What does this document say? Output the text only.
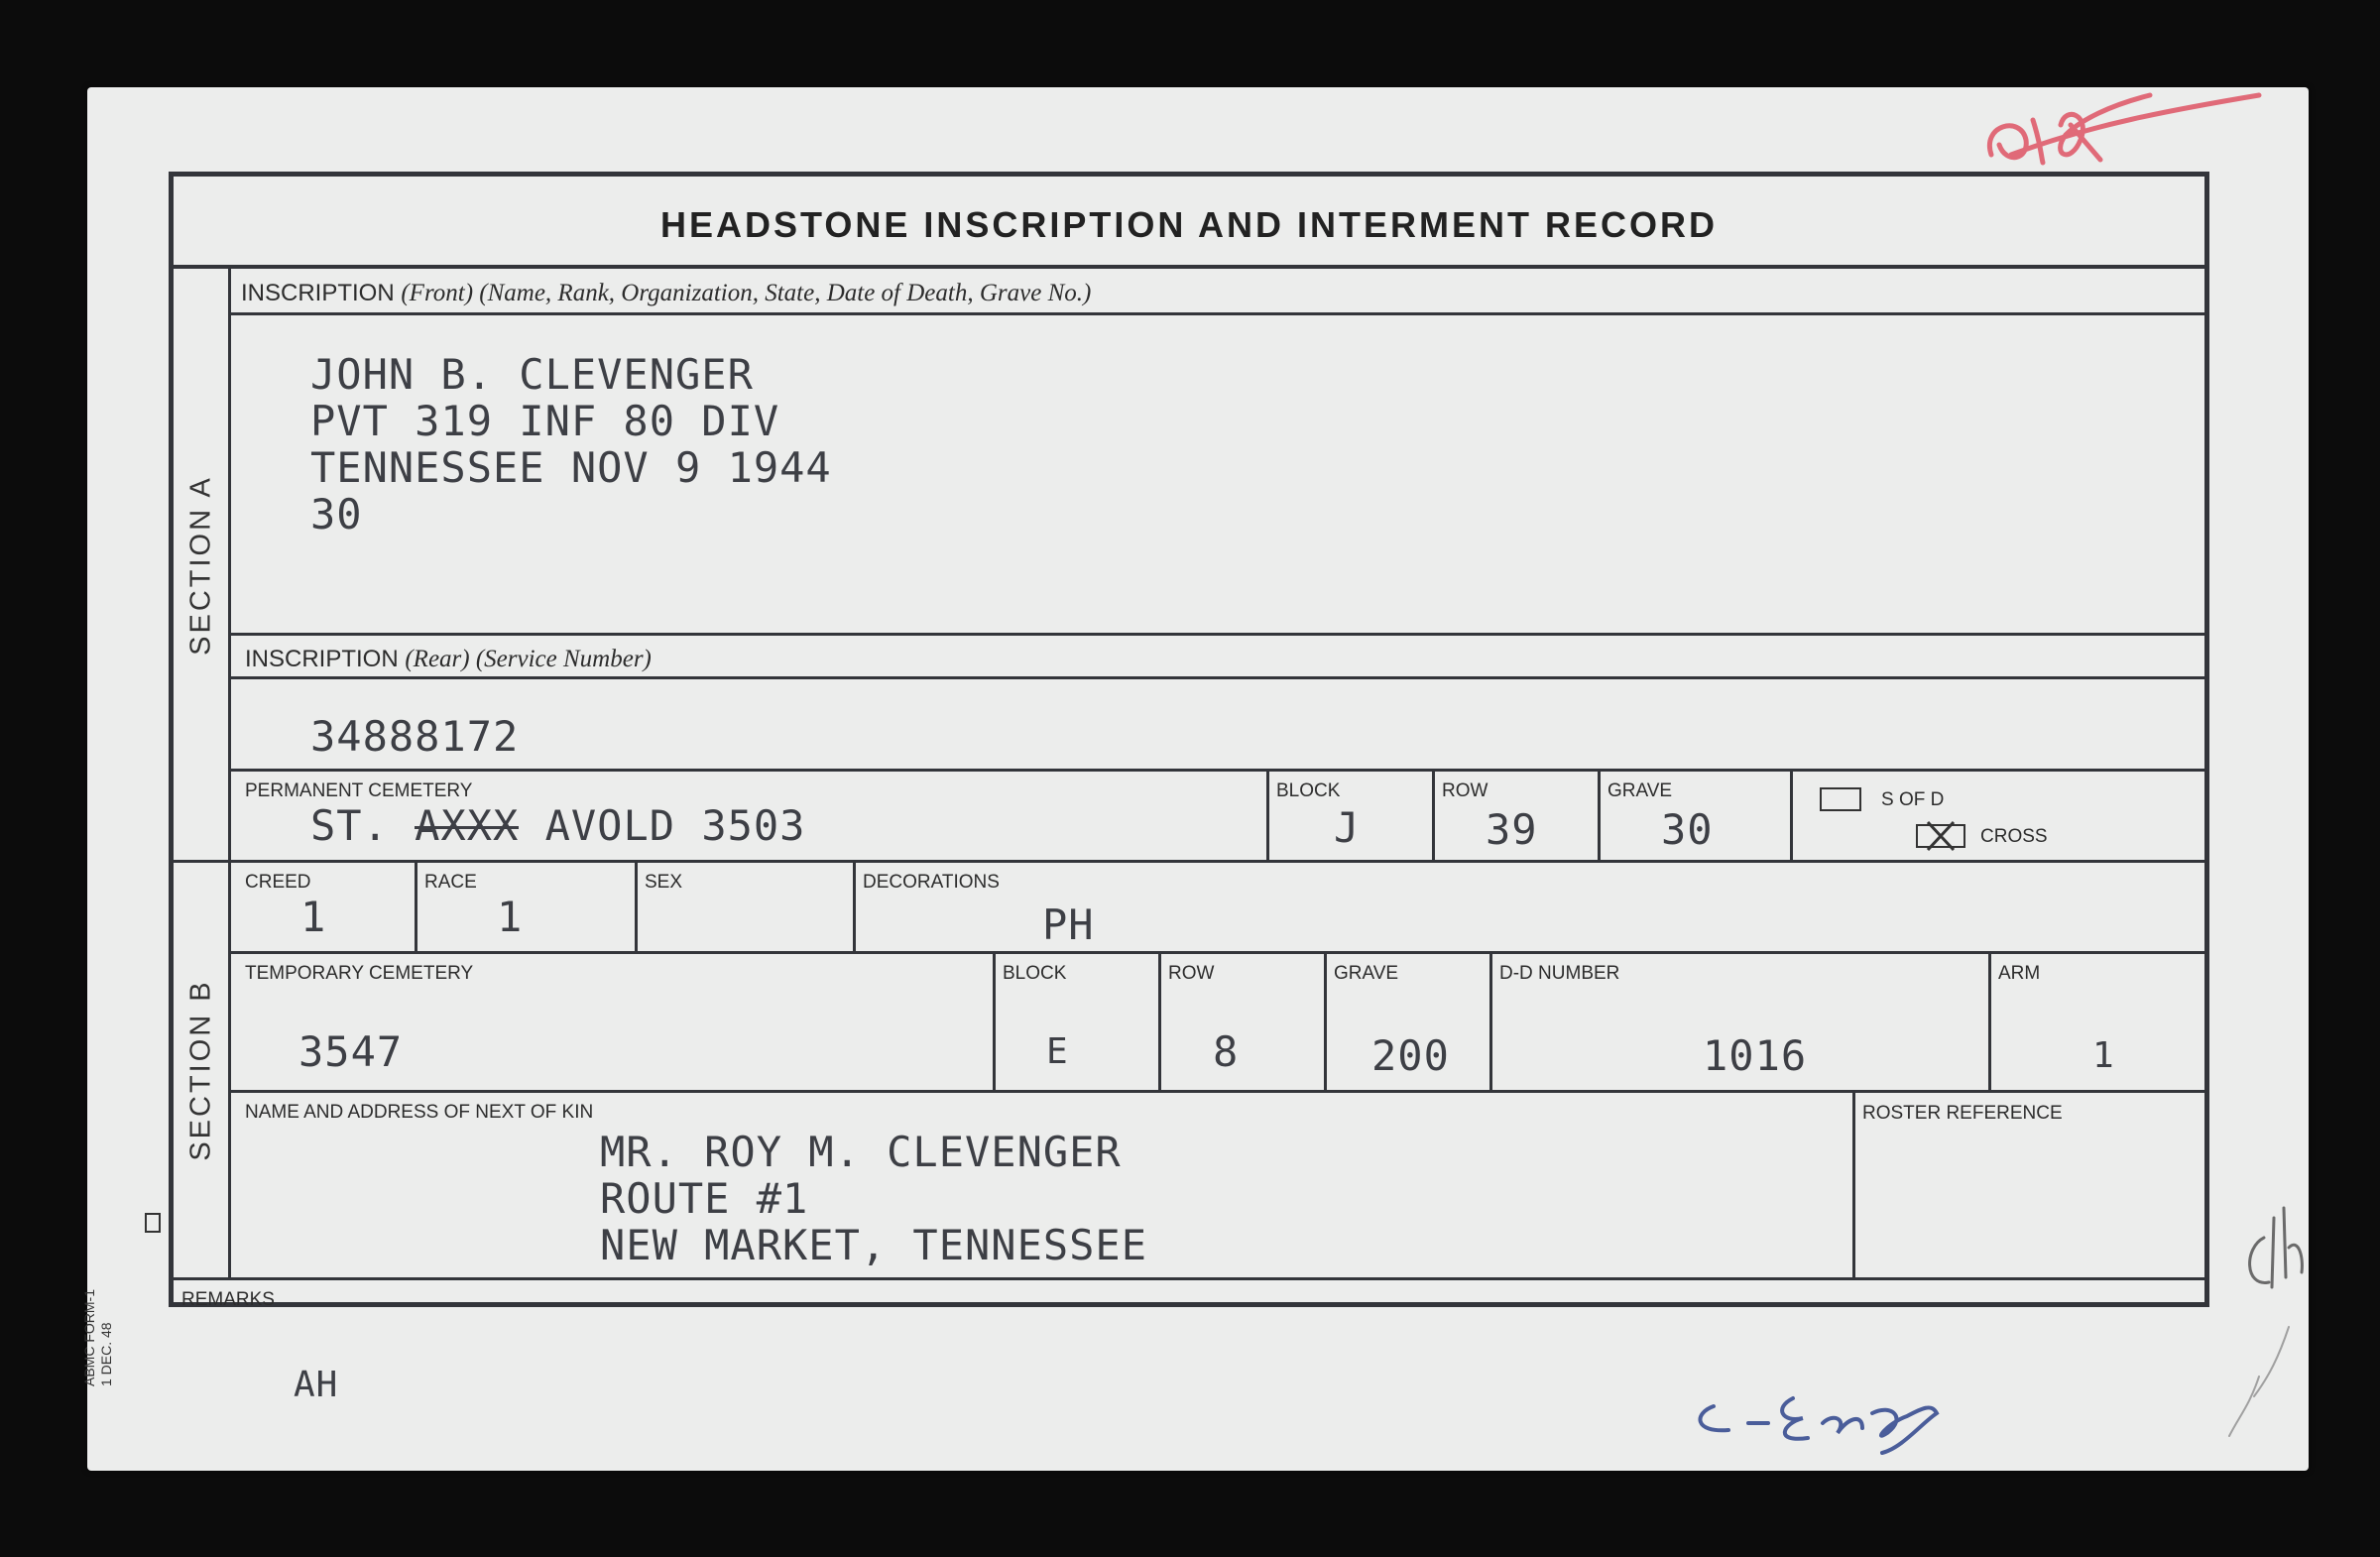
ABMC FORM-1 1 DEC. 48
HEADSTONE INSCRIPTION AND INTERMENT RECORD
SECTION A
SECTION B
INSCRIPTION (Front) (Name, Rank, Organization, State, Date of Death, Grave No.)
JOHN B. CLEVENGER
PVT 319 INF 80 DIV
TENNESSEE NOV 9 1944
30
INSCRIPTION (Rear) (Service Number)
34888172
PERMANENT CEMETERY
ST. AXXX AVOLD 3503
BLOCK
J
ROW
39
GRAVE
30
S OF D
CROSS
CREED
1
RACE
1
SEX	DECORATIONS
PH
TEMPORARY CEMETERY
3547
BLOCK
E
ROW
8
GRAVE
200
D-D NUMBER
1016
ARM
1
NAME AND ADDRESS OF NEXT OF KIN
MR. ROY M. CLEVENGER
ROUTE #1
NEW MARKET, TENNESSEE
ROSTER REFERENCE
REMARKS
AH
